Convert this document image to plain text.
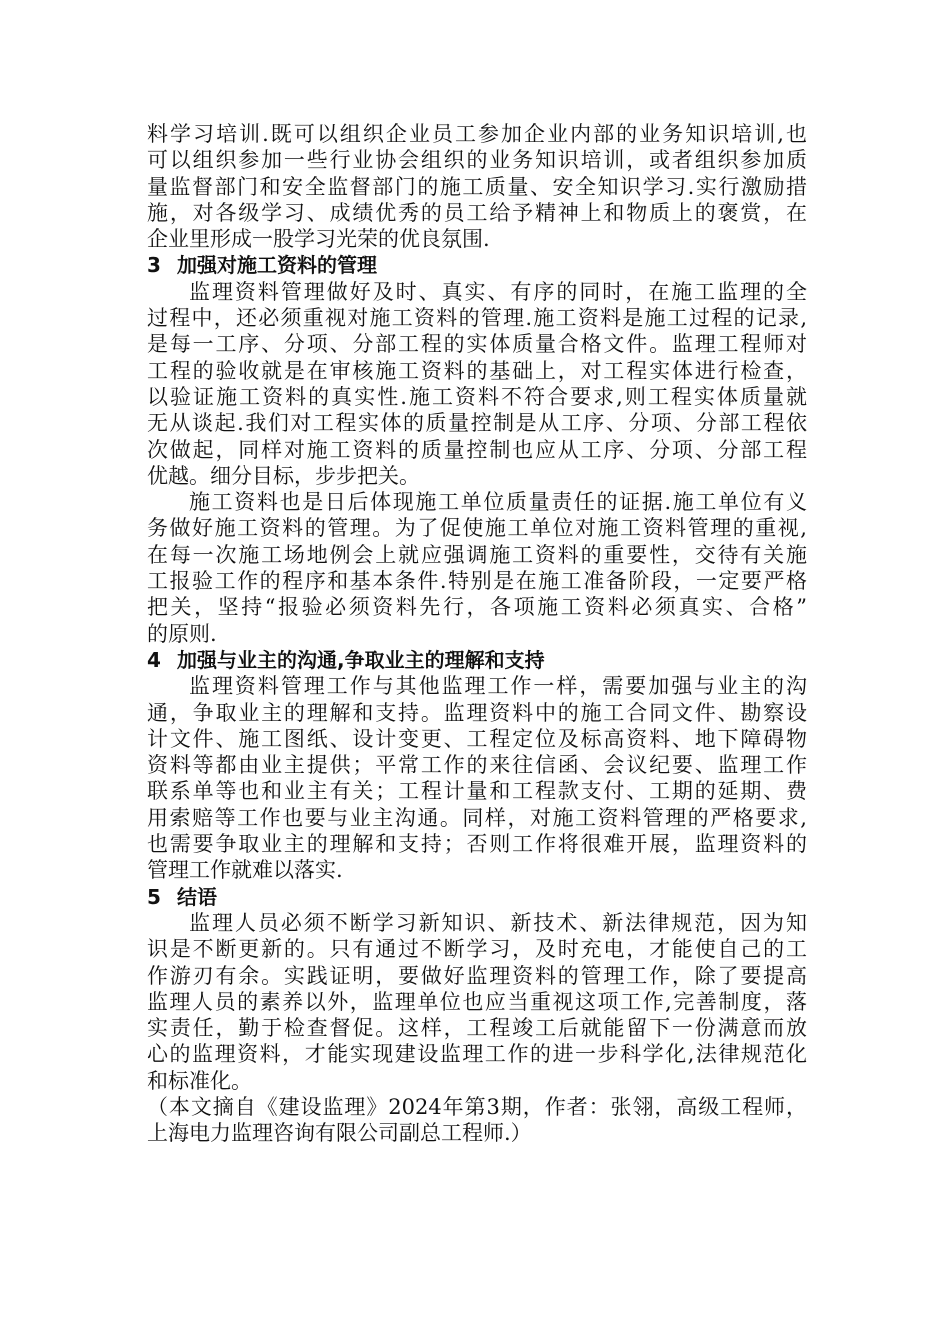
料学习培训.既可以组织企业员工参加企业内部的业务知识培训,也
可以组织参加一些行业协会组织的业务知识培训，或者组织参加质
量监督部门和安全监督部门的施工质量、安全知识学习.实行激励措
施，对各级学习、成绩优秀的员工给予精神上和物质上的褒赏，在
企业里形成一股学习光荣的优良氛围.
3 加强对施工资料的管理
监理资料管理做好及时、真实、有序的同时，在施工监理的全
过程中，还必须重视对施工资料的管理.施工资料是施工过程的记录,
是每一工序、分项、分部工程的实体质量合格文件。监理工程师对
工程的验收就是在审核施工资料的基础上，对工程实体进行检查，
以验证施工资料的真实性.施工资料不符合要求,则工程实体质量就
无从谈起.我们对工程实体的质量控制是从工序、分项、分部工程依
次做起，同样对施工资料的质量控制也应从工序、分项、分部工程
优越。细分目标，步步把关。
施工资料也是日后体现施工单位质量责任的证据.施工单位有义
务做好施工资料的管理。为了促使施工单位对施工资料管理的重视,
在每一次施工场地例会上就应强调施工资料的重要性，交待有关施
工报验工作的程序和基本条件.特别是在施工准备阶段，一定要严格
把关，坚持“报验必须资料先行，各项施工资料必须真实、合格”
的原则.
4 加强与业主的沟通,争取业主的理解和支持
监理资料管理工作与其他监理工作一样，需要加强与业主的沟
通，争取业主的理解和支持。监理资料中的施工合同文件、勘察设
计文件、施工图纸、设计变更、工程定位及标高资料、地下障碍物
资料等都由业主提供；平常工作的来往信函、会议纪要、监理工作
联系单等也和业主有关；工程计量和工程款支付、工期的延期、费
用索赔等工作也要与业主沟通。同样，对施工资料管理的严格要求,
也需要争取业主的理解和支持；否则工作将很难开展，监理资料的
管理工作就难以落实.
5 结语
监理人员必须不断学习新知识、新技术、新法律规范，因为知
识是不断更新的。只有通过不断学习，及时充电，才能使自己的工
作游刃有余。实践证明，要做好监理资料的管理工作，除了要提高
监理人员的素养以外，监理单位也应当重视这项工作,完善制度，落
实责任，勤于检查督促。这样，工程竣工后就能留下一份满意而放
心的监理资料，才能实现建设监理工作的进一步科学化,法律规范化
和标准化。
（本文摘自《建设监理》2024年第3期，作者：张翎，高级工程师，
上海电力监理咨询有限公司副总工程师.）
